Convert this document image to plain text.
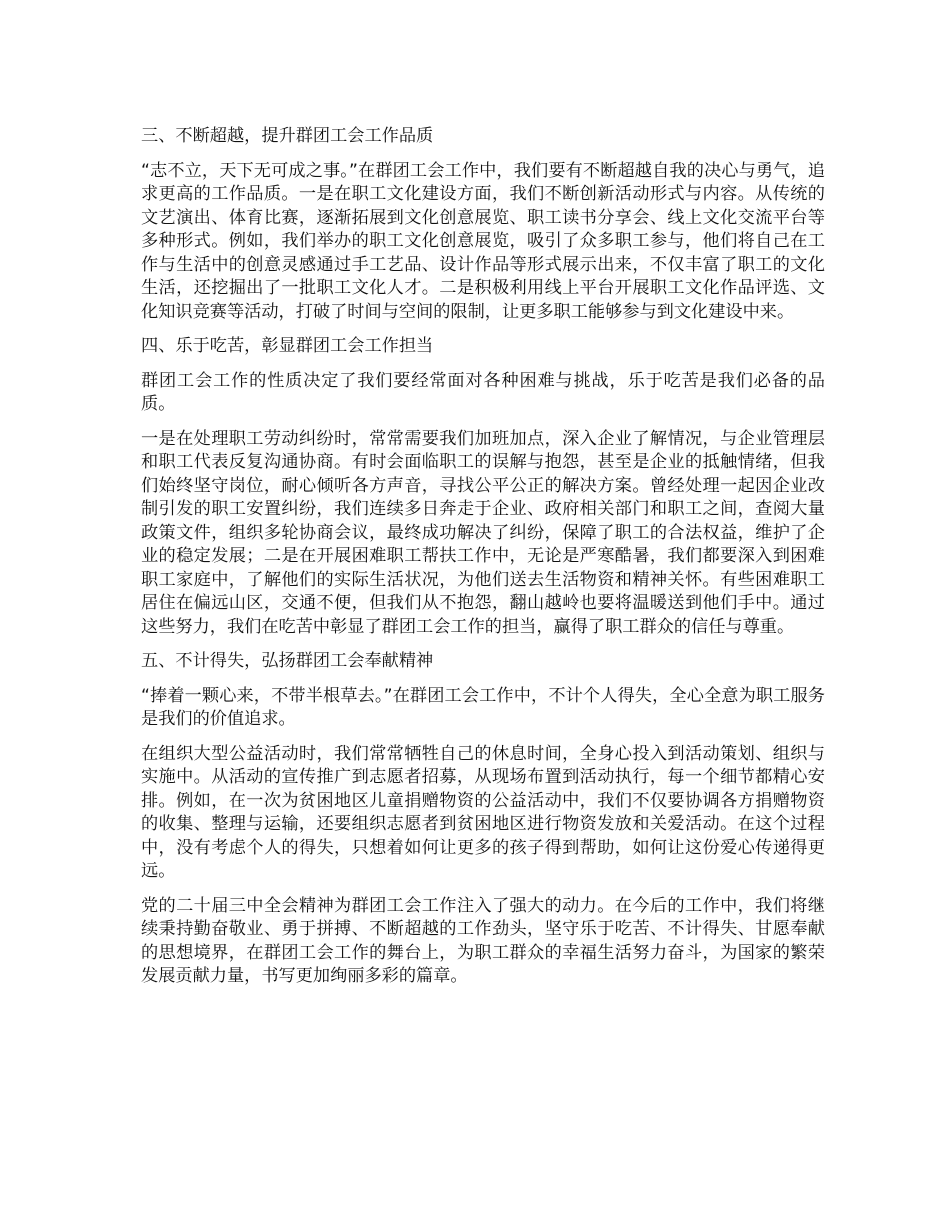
三、不断超越，提升群团工会工作品质

“志不立，天下无可成之事。”在群团工会工作中，我们要有不断超越自我的决心与勇气，追求更高的工作品质。一是在职工文化建设方面，我们不断创新活动形式与内容。从传统的文艺演出、体育比赛，逐渐拓展到文化创意展览、职工读书分享会、线上文化交流平台等多种形式。例如，我们举办的职工文化创意展览，吸引了众多职工参与，他们将自己在工作与生活中的创意灵感通过手工艺品、设计作品等形式展示出来，不仅丰富了职工的文化生活，还挖掘出了一批职工文化人才。二是积极利用线上平台开展职工文化作品评选、文化知识竞赛等活动，打破了时间与空间的限制，让更多职工能够参与到文化建设中来。

四、乐于吃苦，彰显群团工会工作担当

群团工会工作的性质决定了我们要经常面对各种困难与挑战，乐于吃苦是我们必备的品质。

一是在处理职工劳动纠纷时，常常需要我们加班加点，深入企业了解情况，与企业管理层和职工代表反复沟通协商。有时会面临职工的误解与抱怨，甚至是企业的抵触情绪，但我们始终坚守岗位，耐心倾听各方声音，寻找公平公正的解决方案。曾经处理一起因企业改制引发的职工安置纠纷，我们连续多日奔走于企业、政府相关部门和职工之间，查阅大量政策文件，组织多轮协商会议，最终成功解决了纠纷，保障了职工的合法权益，维护了企业的稳定发展；二是在开展困难职工帮扶工作中，无论是严寒酷暑，我们都要深入到困难职工家庭中，了解他们的实际生活状况，为他们送去生活物资和精神关怀。有些困难职工居住在偏远山区，交通不便，但我们从不抱怨，翻山越岭也要将温暖送到他们手中。通过这些努力，我们在吃苦中彰显了群团工会工作的担当，赢得了职工群众的信任与尊重。

五、不计得失，弘扬群团工会奉献精神

“捧着一颗心来，不带半根草去。”在群团工会工作中，不计个人得失，全心全意为职工服务是我们的价值追求。

在组织大型公益活动时，我们常常牺牲自己的休息时间，全身心投入到活动策划、组织与实施中。从活动的宣传推广到志愿者招募，从现场布置到活动执行，每一个细节都精心安排。例如，在一次为贫困地区儿童捐赠物资的公益活动中，我们不仅要协调各方捐赠物资的收集、整理与运输，还要组织志愿者到贫困地区进行物资发放和关爱活动。在这个过程中，没有考虑个人的得失，只想着如何让更多的孩子得到帮助，如何让这份爱心传递得更远。

党的二十届三中全会精神为群团工会工作注入了强大的动力。在今后的工作中，我们将继续秉持勤奋敬业、勇于拼搏、不断超越的工作劲头，坚守乐于吃苦、不计得失、甘愿奉献的思想境界，在群团工会工作的舞台上，为职工群众的幸福生活努力奋斗，为国家的繁荣发展贡献力量，书写更加绚丽多彩的篇章。
